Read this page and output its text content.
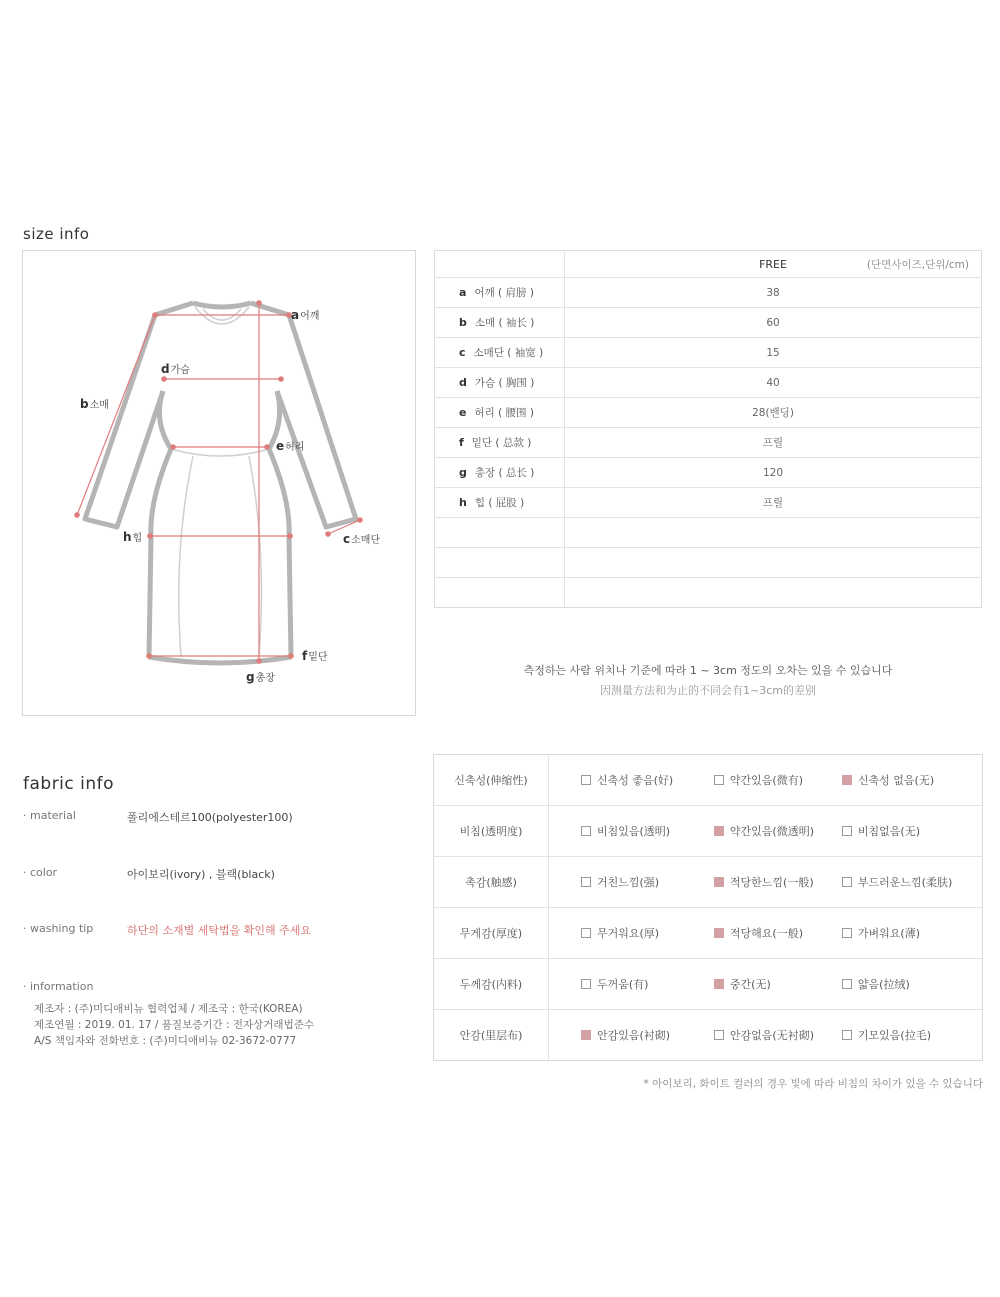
size info
a어깨
b소매
c소매단
d가슴
e허리
f밑단
g총장
h힙
	FREE (단면사이즈,단위/cm)

a 어깨 ( 肩膀 )	38
b 소매 ( 袖长 )	60
c 소매단 ( 袖宽 )	15
d 가슴 ( 胸围 )	40
e 허리 ( 腰围 )	28(밴딩)
f 밑단 ( 总款 )	프릴
g 총장 ( 总长 )	120
h 힙 ( 屁股 )	프릴

측정하는 사람 위치나 기준에 따라 1 ~ 3cm 정도의 오차는 있을 수 있습니다
因测量方法和为止的不同会有1~3cm的差别
fabric info
· material	폴리에스테르100(polyester100)
· color	아이보리(ivory) , 블랙(black)
· washing tip	하단의 소재별 세탁법을 확인해 주세요
· information
제조자 : (주)미디애비뉴 협력업체 / 제조국 : 한국(KOREA)
제조연월 : 2019. 01. 17 / 품질보증기간 : 전자상거래법준수
A/S 책임자와 전화번호 : (주)미디애비뉴 02-3672-0777
신축성(伸缩性)	신축성 좋음(好)	약간있음(微有)	신축성 없음(无)
비침(透明度)	비침있음(透明)	약간있음(微透明)	비침없음(无)
촉감(触感)	거친느낌(强)	적당한느낌(一般)	부드러운느낌(柔肤)
무게감(厚度)	무거워요(厚)	적당해요(一般)	가벼워요(薄)
두께감(内料)	두꺼움(有)	중간(无)	얇음(拉绒)
안감(里层布)	안감있음(衬砌)	안감없음(无衬砌)	기모있음(拉毛)
* 아이보리, 화이트 컬러의 경우 빛에 따라 비침의 차이가 있을 수 있습니다
